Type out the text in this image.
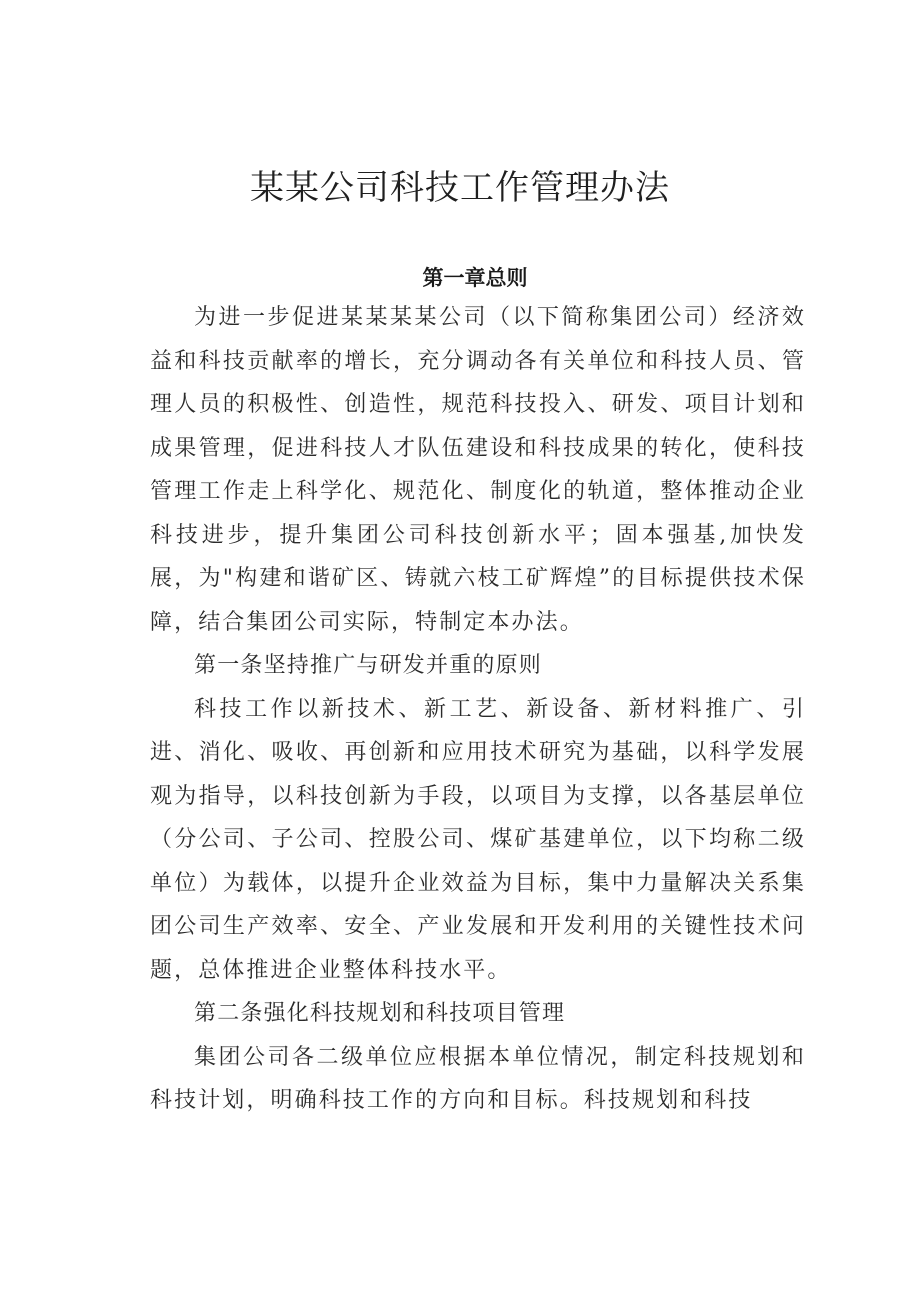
某某公司科技工作管理办法
第一章总则

为进一步促进某某某某公司（以下简称集团公司）经济效益和科技贡献率的增长，充分调动各有关单位和科技人员、管理人员的积极性、创造性，规范科技投入、研发、项目计划和成果管理，促进科技人才队伍建设和科技成果的转化，使科技管理工作走上科学化、规范化、制度化的轨道，整体推动企业科技进步，提升集团公司科技创新水平；固本强基,加快发展，为"构建和谐矿区、铸就六枝工矿辉煌”的目标提供技术保障，结合集团公司实际，特制定本办法。

第一条坚持推广与研发并重的原则

科技工作以新技术、新工艺、新设备、新材料推广、引进、消化、吸收、再创新和应用技术研究为基础，以科学发展观为指导，以科技创新为手段，以项目为支撑，以各基层单位（分公司、子公司、控股公司、煤矿基建单位，以下均称二级单位）为载体，以提升企业效益为目标，集中力量解决关系集团公司生产效率、安全、产业发展和开发利用的关键性技术问题，总体推进企业整体科技水平。

第二条强化科技规划和科技项目管理

集团公司各二级单位应根据本单位情况，制定科技规划和科技计划，明确科技工作的方向和目标。科技规划和科技
